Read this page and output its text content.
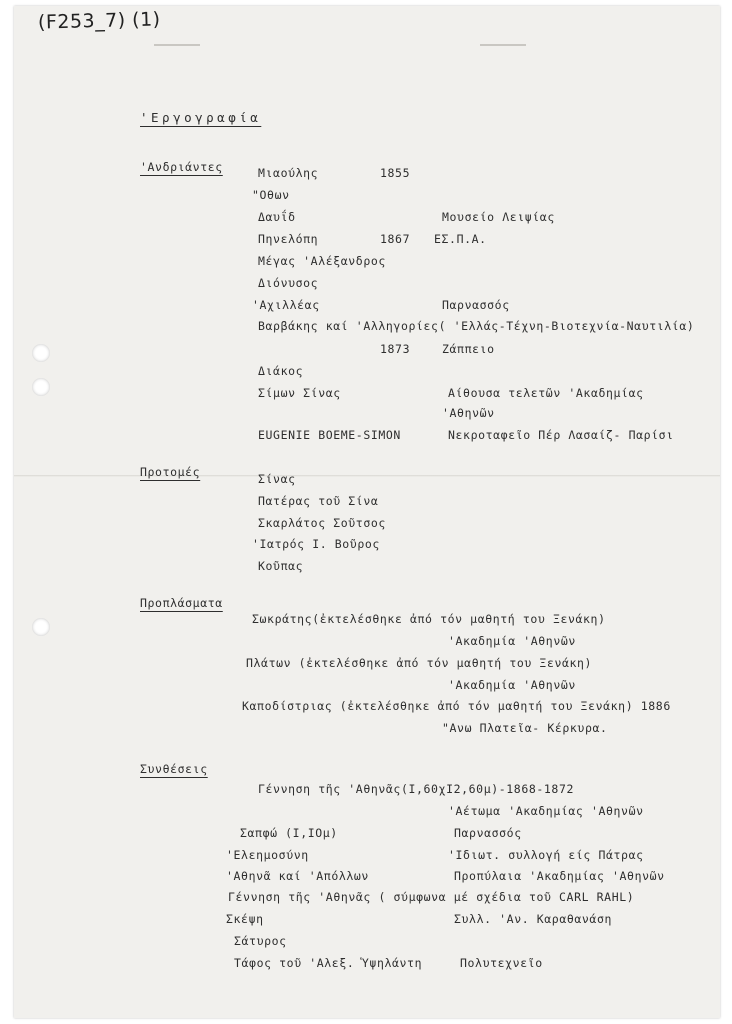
(F253_7) (1)
'Εργογραφία
'Ανδριάντες	Μιαούλης	1855
"Οθων
Δαυΐδ	Μουσείο Λειψίας
Πηνελόπη	1867 ΕΣ.Π.Α.
Μέγας 'Αλέξανδρος
Διόνυσος
'Αχιλλέας	Παρνασσός
Βαρβάκης καί 'Αλληγορίες( 'Ελλάς-Τέχνη-Βιοτεχνία-Ναυτιλία)
1873	Ζάππειο
Διάκος
Σίμων Σίνας	Αίθουσα τελετῶν 'Ακαδημίας
'Αθηνῶν
EUGENIE BOEME-SIMON	Νεκροταφεῖο Πέρ Λασαίζ- Παρίσι
Προτομές	Σίνας
Πατέρας τοῦ Σίνα
Σκαρλάτος Σοῦτσος
'Ιατρός Ι. Βοῦρος
Κοῦπας
Προπλάσματα
Σωκράτης(ἐκτελέσθηκε ἀπό τόν μαθητή του Ξενάκη)
'Ακαδημία 'Αθηνῶν
Πλάτων (ἐκτελέσθηκε ἀπό τόν μαθητή του Ξενάκη)
'Ακαδημία 'Αθηνῶν
Καποδίστριας (ἐκτελέσθηκε ἀπό τόν μαθητή του Ξενάκη) 1886
"Ανω Πλατεῖα- Κέρκυρα.
Συνθέσεις
Γέννηση τῆς 'Αθηνᾶς(Ι,60χΙ2,60μ)-1868-1872
'Αέτωμα 'Ακαδημίας 'Αθηνῶν
Σαπφώ (Ι,ΙΟμ)	Παρνασσός
'Ελεημοσύνη	'Ιδιωτ. συλλογή είς Πάτρας
'Αθηνᾶ καί 'Απόλλων	Προπύλαια 'Ακαδημίας 'Αθηνῶν
Γέννηση τῆς 'Αθηνᾶς ( σύμφωνα μέ σχέδια τοῦ CARL RAHL)
Σκέψη	Συλλ. 'Αν. Καραθανάση
Σάτυρος
Τάφος τοῦ 'Αλεξ. Ὑψηλάντη	Πολυτεχνεῖο
